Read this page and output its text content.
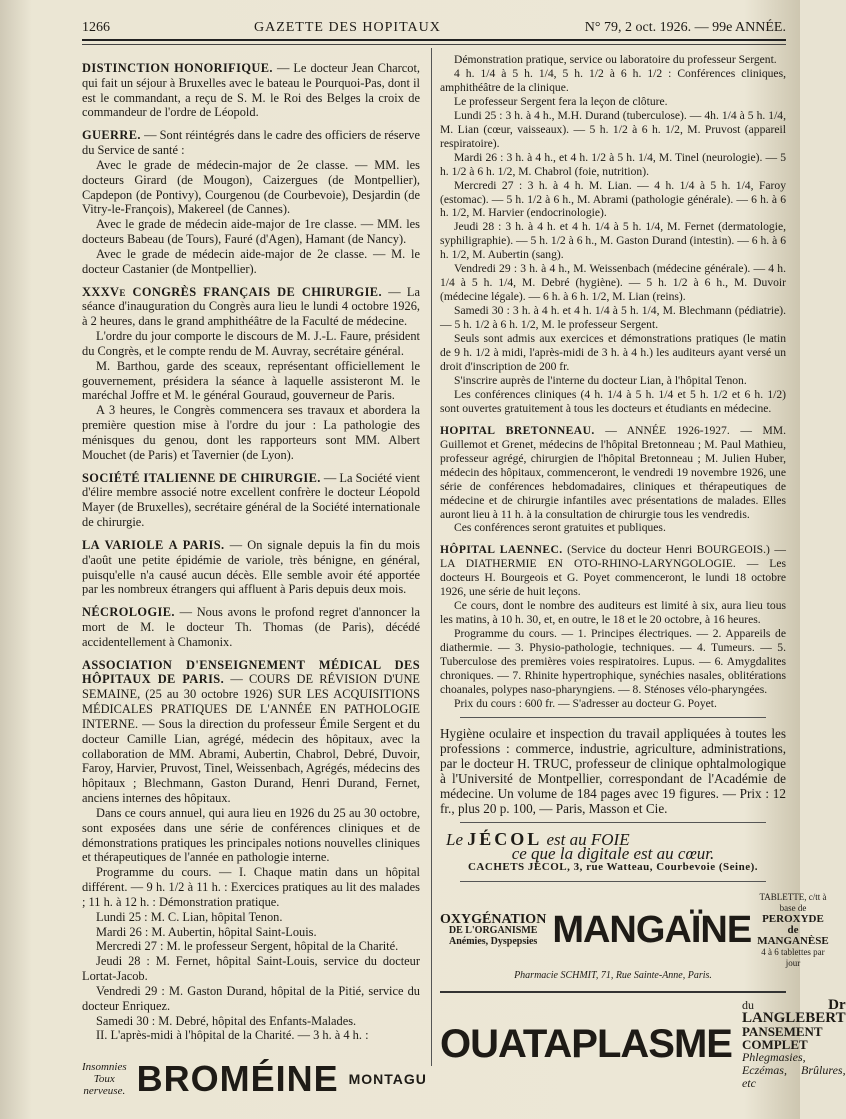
1266	GAZETTE DES HOPITAUX	N° 79, 2 oct. 1926. — 99e ANNÉE.

DISTINCTION HONORIFIQUE. — Le docteur Jean Charcot, qui fait un séjour à Bruxelles avec le bateau le Pourquoi-Pas, dont il est le commandant, a reçu de S. M. le Roi des Belges la croix de commandeur de l'ordre de Léopold.

GUERRE. — Sont réintégrés dans le cadre des officiers de réserve du Service de santé :

Avec le grade de médecin-major de 2e classe. — MM. les docteurs Girard (de Mougon), Caizergues (de Montpellier), Capdepon (de Pontivy), Courgenou (de Courbevoie), Desjardin (de Vitry-le-François), Makereel (de Cannes).

Avec le grade de médecin aide-major de 1re classe. — MM. les docteurs Babeau (de Tours), Fauré (d'Agen), Hamant (de Nancy).

Avec le grade de médecin aide-major de 2e classe. — M. le docteur Castanier (de Montpellier).

XXXVe CONGRÈS FRANÇAIS DE CHIRURGIE. — La séance d'inauguration du Congrès aura lieu le lundi 4 octobre 1926, à 2 heures, dans le grand amphithéâtre de la Faculté de médecine.

L'ordre du jour comporte le discours de M. J.-L. Faure, président du Congrès, et le compte rendu de M. Auvray, secrétaire général.

M. Barthou, garde des sceaux, représentant officiellement le gouvernement, présidera la séance à laquelle assisteront M. le maréchal Joffre et M. le général Gouraud, gouverneur de Paris.

A 3 heures, le Congrès commencera ses travaux et abordera la première question mise à l'ordre du jour : La pathologie des ménisques du genou, dont les rapporteurs sont MM. Albert Mouchet (de Paris) et Tavernier (de Lyon).

SOCIÉTÉ ITALIENNE DE CHIRURGIE. — La Société vient d'élire membre associé notre excellent confrère le docteur Léopold Mayer (de Bruxelles), secrétaire général de la Société internationale de chirurgie.

LA VARIOLE A PARIS. — On signale depuis la fin du mois d'août une petite épidémie de variole, très bénigne, en général, puisqu'elle n'a causé aucun décès. Elle semble avoir été apportée par les nombreux étrangers qui affluent à Paris depuis deux mois.

NÉCROLOGIE. — Nous avons le profond regret d'annoncer la mort de M. le docteur Th. Thomas (de Paris), décédé accidentellement à Chamonix.

ASSOCIATION D'ENSEIGNEMENT MÉDICAL DES HÔPITAUX DE PARIS. — COURS DE RÉVISION D'UNE SEMAINE, (25 au 30 octobre 1926) SUR LES ACQUISITIONS MÉDICALES PRATIQUES DE L'ANNÉE EN PATHOLOGIE INTERNE. — Sous la direction du professeur Émile Sergent et du docteur Camille Lian, agrégé, médecin des hôpitaux, avec la collaboration de MM. Abrami, Aubertin, Chabrol, Debré, Duvoir, Faroy, Harvier, Pruvost, Tinel, Weissenbach, Agrégés, médecins des hôpitaux ; Blechmann, Gaston Durand, Henri Durand, Fernet, anciens internes des hôpitaux.

Dans ce cours annuel, qui aura lieu en 1926 du 25 au 30 octobre, sont exposées dans une série de conférences cliniques et de démonstrations pratiques les principales notions nouvelles cliniques et thérapeutiques de l'année en pathologie interne.

Programme du cours. — I. Chaque matin dans un hôpital différent. — 9 h. 1/2 à 11 h. : Exercices pratiques au lit des malades ; 11 h. à 12 h. : Démonstration pratique.

Lundi 25 : M. C. Lian, hôpital Tenon.

Mardi 26 : M. Aubertin, hôpital Saint-Louis.

Mercredi 27 : M. le professeur Sergent, hôpital de la Charité.

Jeudi 28 : M. Fernet, hôpital Saint-Louis, service du docteur Lortat-Jacob.

Vendredi 29 : M. Gaston Durand, hôpital de la Pitié, service du docteur Enriquez.

Samedi 30 : M. Debré, hôpital des Enfants-Malades.

II. L'après-midi à l'hôpital de la Charité. — 3 h. à 4 h. :

Démonstration pratique, service ou laboratoire du professeur Sergent.

4 h. 1/4 à 5 h. 1/4, 5 h. 1/2 à 6 h. 1/2 : Conférences cliniques, amphithéâtre de la clinique.

Le professeur Sergent fera la leçon de clôture.

Lundi 25 : 3 h. à 4 h., M.H. Durand (tuberculose). — 4h. 1/4 à 5 h. 1/4, M. Lian (cœur, vaisseaux). — 5 h. 1/2 à 6 h. 1/2, M. Pruvost (appareil respiratoire).

Mardi 26 : 3 h. à 4 h., et 4 h. 1/2 à 5 h. 1/4, M. Tinel (neurologie). — 5 h. 1/2 à 6 h. 1/2, M. Chabrol (foie, nutrition).

Mercredi 27 : 3 h. à 4 h. M. Lian. — 4 h. 1/4 à 5 h. 1/4, Faroy (estomac). — 5 h. 1/2 à 6 h., M. Abrami (pathologie générale). — 6 h. à 6 h. 1/2, M. Harvier (endocrinologie).

Jeudi 28 : 3 h. à 4 h. et 4 h. 1/4 à 5 h. 1/4, M. Fernet (dermatologie, syphiligraphie). — 5 h. 1/2 à 6 h., M. Gaston Durand (intestin). — 6 h. à 6 h. 1/2, M. Aubertin (sang).

Vendredi 29 : 3 h. à 4 h., M. Weissenbach (médecine générale). — 4 h. 1/4 à 5 h. 1/4, M. Debré (hygiène). — 5 h. 1/2 à 6 h., M. Duvoir (médecine légale). — 6 h. à 6 h. 1/2, M. Lian (reins).

Samedi 30 : 3 h. à 4 h. et 4 h. 1/4 à 5 h. 1/4, M. Blechmann (pédiatrie). — 5 h. 1/2 à 6 h. 1/2, M. le professeur Sergent.

Seuls sont admis aux exercices et démonstrations pratiques (le matin de 9 h. 1/2 à midi, l'après-midi de 3 h. à 4 h.) les auditeurs ayant versé un droit d'inscription de 200 fr.

S'inscrire auprès de l'interne du docteur Lian, à l'hôpital Tenon.

Les conférences cliniques (4 h. 1/4 à 5 h. 1/4 et 5 h. 1/2 et 6 h. 1/2) sont ouvertes gratuitement à tous les docteurs et étudiants en médecine.

HOPITAL BRETONNEAU. — ANNÉE 1926-1927. — MM. Guillemot et Grenet, médecins de l'hôpital Bretonneau ; M. Paul Mathieu, professeur agrégé, chirurgien de l'hôpital Bretonneau ; M. Julien Huber, médecin des hôpitaux, commenceront, le vendredi 19 novembre 1926, une série de conférences hebdomadaires, cliniques et thérapeutiques de médecine et de chirurgie infantiles avec présentations de malades. Elles auront lieu à 11 h. à la consultation de chirurgie tous les vendredis.

Ces conférences seront gratuites et publiques.

HÔPITAL LAENNEC. (Service du docteur Henri BOURGEOIS.) — LA DIATHERMIE EN OTO-RHINO-LARYNGOLOGIE. — Les docteurs H. Bourgeois et G. Poyet commenceront, le lundi 18 octobre 1926, une série de huit leçons.

Ce cours, dont le nombre des auditeurs est limité à six, aura lieu tous les matins, à 10 h. 30, et, en outre, le 18 et le 20 octobre, à 16 heures.

Programme du cours. — 1. Principes électriques. — 2. Appareils de diathermie. — 3. Physio-pathologie, techniques. — 4. Tumeurs. — 5. Tuberculose des premières voies respiratoires. Lupus. — 6. Amygdalites chroniques. — 7. Rhinite hypertrophique, synéchies nasales, oblitérations choanales, polypes naso-pharyngiens. — 8. Sténoses vélo-pharyngées.

Prix du cours : 600 fr. — S'adresser au docteur G. Poyet.

Hygiène oculaire et inspection du travail appliquées à toutes les professions : commerce, industrie, agriculture, administrations, par le docteur H. TRUC, professeur de clinique ophtalmologique à l'Université de Montpellier, correspondant de l'Académie de médecine. Un volume de 184 pages avec 19 figures. — Prix : 12 fr., plus 20 p. 100, — Paris, Masson et Cie.

Le JÉCOL est au FOIE
ce que la digitale est au cœur.
CACHETS JÉCOL, 3, rue Watteau, Courbevoie (Seine).
OXYGÉNATION
DE L'ORGANISME
Anémies, Dyspepsies MANGAÏNE
TABLETTE, c/tt à base de
PEROXYDE de MANGANÈSE
4 à 6 tablettes par jour
Pharmacie SCHMIT, 71, Rue Sainte-Anne, Paris.
OUATAPLASME
du	Dr LANGLEBERT
PANSEMENT COMPLET
Phlegmasies, Eczémas, Brûlures, etc
Insomnies
Toux nerveuse. BROMÉINE MONTAGU
